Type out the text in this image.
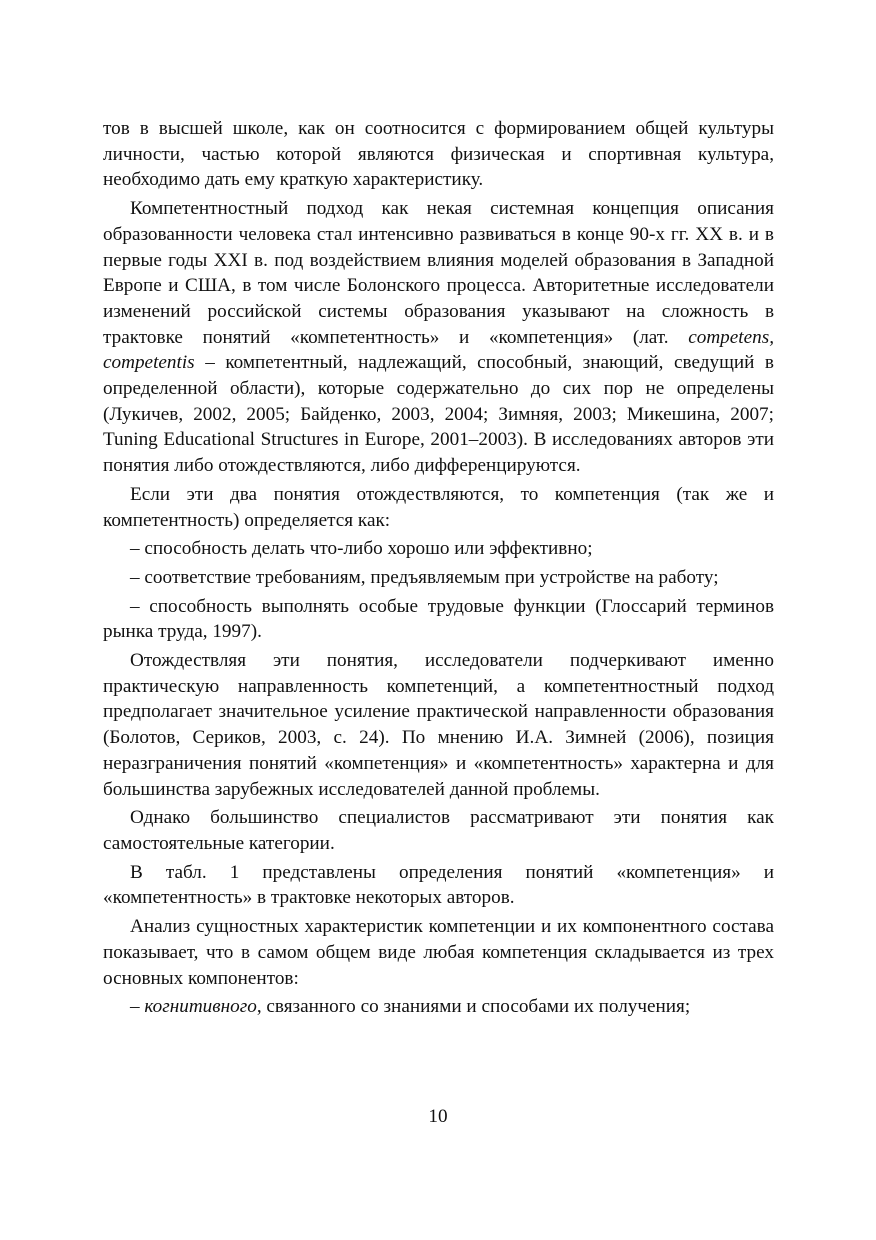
тов в высшей школе, как он соотносится с формированием общей культуры личности, частью которой являются физическая и спортивная культура, необходимо дать ему краткую характеристику.

Компетентностный подход как некая системная концепция описания образованности человека стал интенсивно развиваться в конце 90-х гг. XX в. и в первые годы XXI в. под воздействием влияния моделей образования в Западной Европе и США, в том числе Болонского процесса. Авторитетные исследователи изменений российской системы образования указывают на сложность в трактовке понятий «компетентность» и «компетенция» (лат. competens, competentis – компетентный, надлежащий, способный, знающий, сведущий в определенной области), которые содержательно до сих пор не определены (Лукичев, 2002, 2005; Байденко, 2003, 2004; Зимняя, 2003; Микешина, 2007; Tuning Educational Structures in Europe, 2001–2003). В исследованиях авторов эти понятия либо отождествляются, либо дифференцируются.

Если эти два понятия отождествляются, то компетенция (так же и компетентность) определяется как:

– способность делать что-либо хорошо или эффективно;

– соответствие требованиям, предъявляемым при устройстве на работу;

– способность выполнять особые трудовые функции (Глоссарий терминов рынка труда, 1997).

Отождествляя эти понятия, исследователи подчеркивают именно практическую направленность компетенций, а компетентностный подход предполагает значительное усиление практической направленности образования (Болотов, Сериков, 2003, с. 24). По мнению И.А. Зимней (2006), позиция неразграничения понятий «компетенция» и «компетентность» характерна и для большинства зарубежных исследователей данной проблемы.

Однако большинство специалистов рассматривают эти понятия как самостоятельные категории.

В табл. 1 представлены определения понятий «компетенция» и «компетентность» в трактовке некоторых авторов.

Анализ сущностных характеристик компетенции и их компонентного состава показывает, что в самом общем виде любая компетенция складывается из трех основных компонентов:

– когнитивного, связанного со знаниями и способами их получения;

10
